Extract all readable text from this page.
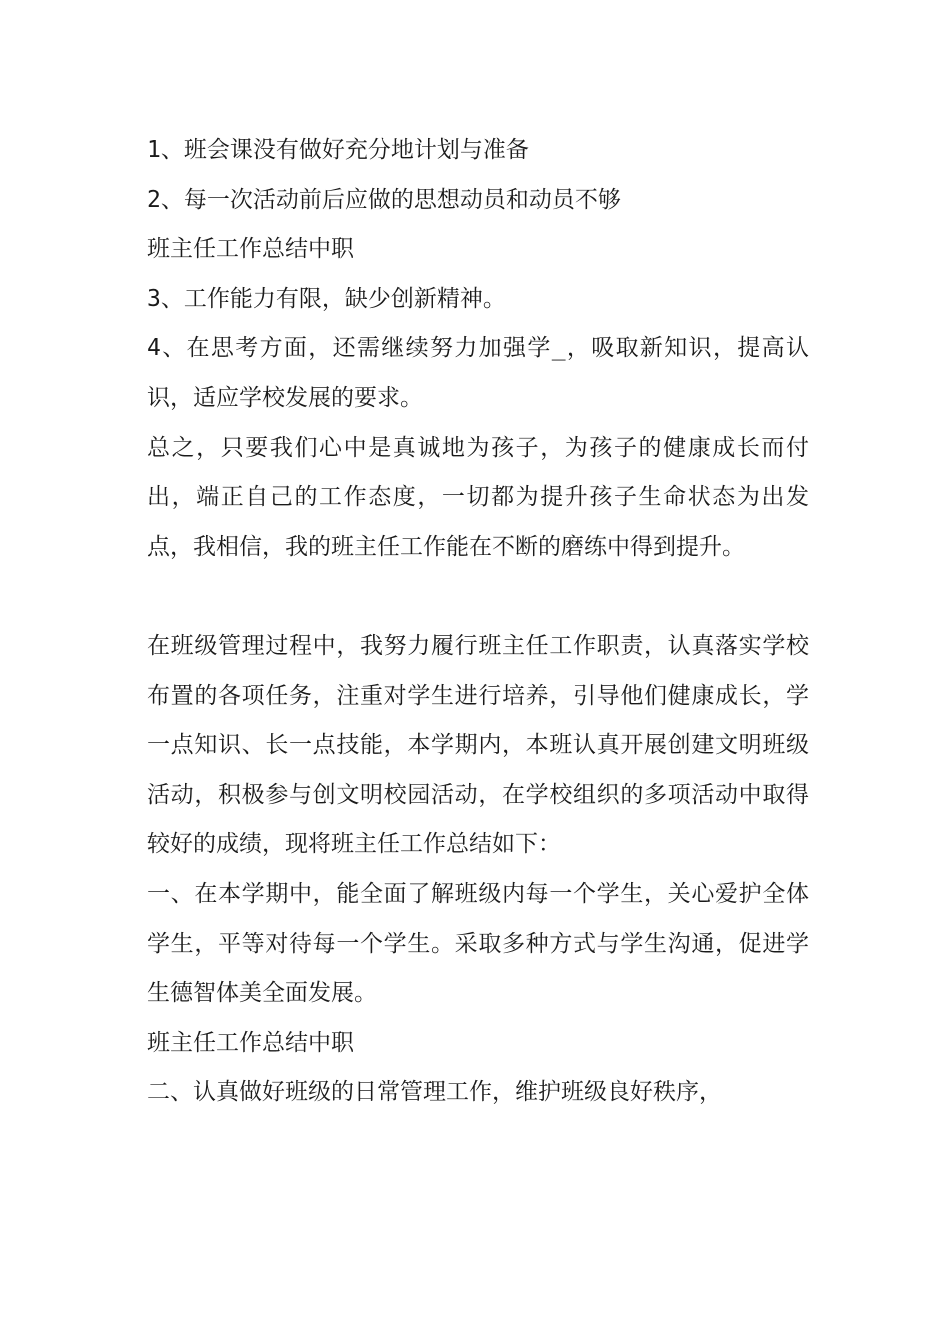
1、班会课没有做好充分地计划与准备

2、每一次活动前后应做的思想动员和动员不够

班主任工作总结中职

3、工作能力有限，缺少创新精神。

4、在思考方面，还需继续努力加强学_，吸取新知识，提高认识，适应学校发展的要求。

总之，只要我们心中是真诚地为孩子，为孩子的健康成长而付出，端正自己的工作态度，一切都为提升孩子生命状态为出发点，我相信，我的班主任工作能在不断的磨练中得到提升。

在班级管理过程中，我努力履行班主任工作职责，认真落实学校布置的各项任务，注重对学生进行培养，引导他们健康成长，学一点知识、长一点技能，本学期内，本班认真开展创建文明班级活动，积极参与创文明校园活动，在学校组织的多项活动中取得较好的成绩，现将班主任工作总结如下：

一、在本学期中，能全面了解班级内每一个学生，关心爱护全体学生，平等对待每一个学生。采取多种方式与学生沟通，促进学生德智体美全面发展。

班主任工作总结中职

二、认真做好班级的日常管理工作，维护班级良好秩序，
